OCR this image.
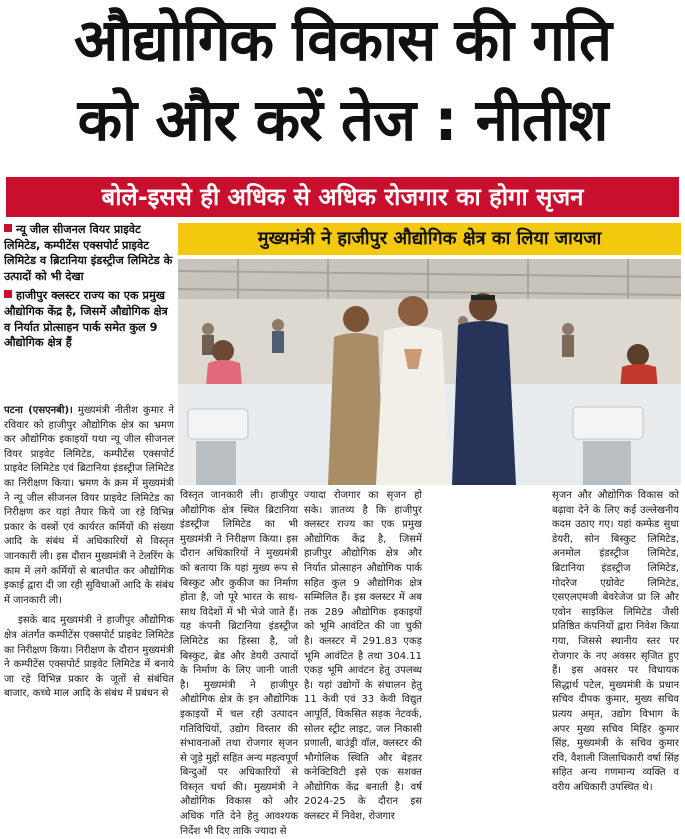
औद्योगिक विकास की गति
को और करें तेज : नीतीश
बोले-इससे ही अधिक से अधिक रोजगार का होगा सृजन
न्यू जील सीजनल वियर प्राइवेट लिमिटेड, कम्पीटेंस एक्सपोर्ट प्राइवेट लिमिटेड व ब्रिटानिया इंडस्ट्रीज लिमिटेड के उत्पादों को भी देखा
हाजीपुर क्लस्टर राज्य का एक प्रमुख औद्योगिक केंद्र है, जिसमें औद्योगिक क्षेत्र व निर्यात प्रोत्साहन पार्क समेत कुल 9 औद्योगिक क्षेत्र हैं

पटना (एसएनबी)। मुख्यमंत्री नीतीश कुमार ने रविवार को हाजीपुर औद्योगिक क्षेत्र का भ्रमण कर औद्योगिक इकाइयों यथा न्यू जील सीजनल वियर प्राइवेट लिमिटेड, कम्पीटेंस एक्सपोर्ट प्राइवेट लिमिटेड एवं ब्रिटानिया इंडस्ट्रीज लिमिटेड का निरीक्षण किया। भ्रमण के क्रम में मुख्यमंत्री ने न्यू जील सीजनल वियर प्राइवेट लिमिटेड का निरीक्षण कर यहां तैयार किये जा रहे विभिन्न प्रकार के वस्त्रों एवं कार्यरत कर्मियों की संख्या आदि के संबंध में अधिकारियों से विस्तृत जानकारी ली। इस दौरान मुख्यमंत्री ने टेलरिंग के काम में लगे कर्मियों से बातचीत कर औद्योगिक इकाई द्वारा दी जा रही सुविधाओं आदि के संबंध में जानकारी ली।

इसके बाद मुख्यमंत्री ने हाजीपुर औद्योगिक क्षेत्र अंतर्गत कम्पीटेंस एक्सपोर्ट प्राइवेट लिमिटेड का निरीक्षण किया। निरीक्षण के दौरान मुख्यमंत्री ने कम्पीटेंस एक्सपोर्ट प्राइवेट लिमिटेड में बनाये जा रहे विभिन्न प्रकार के जूतों से संबंधित बाजार, कच्चे माल आदि के संबंध में प्रबंधन से

मुख्यमंत्री ने हाजीपुर औद्योगिक क्षेत्र का लिया जायजा

विस्तृत जानकारी ली। हाजीपुर औद्योगिक क्षेत्र स्थित ब्रिटानिया इंडस्ट्रीज लिमिटेड का भी मुख्यमंत्री ने निरीक्षण किया। इस दौरान अधिकारियों ने मुख्यमंत्री को बताया कि यहां मुख्य रूप से बिस्कुट और कुकीज का निर्माण होता है, जो पूरे भारत के साथ-साथ विदेशों में भी भेजे जाते हैं। यह कंपनी ब्रिटानिया इंडस्ट्रीज लिमिटेड का हिस्सा है, जो बिस्कुट, ब्रेड और डेयरी उत्पादों के निर्माण के लिए जानी जाती है। मुख्यमंत्री ने हाजीपुर औद्योगिक क्षेत्र के इन औद्योगिक इकाइयों में चल रही उत्पादन गतिविधियों, उद्योग विस्तार की संभावनाओं तथा रोजगार सृजन से जुड़े मुद्दों सहित अन्य महत्वपूर्ण बिन्दुओं पर अधिकारियों से विस्तृत चर्चा की। मुख्यमंत्री ने औद्योगिक विकास को और अधिक गति देने हेतु आवश्यक निर्देश भी दिए ताकि ज्यादा से

ज्यादा रोजगार का सृजन हो सके। ज्ञातव्य है कि हाजीपुर क्लस्टर राज्य का एक प्रमुख औद्योगिक केंद्र है, जिसमें हाजीपुर औद्योगिक क्षेत्र और निर्यात प्रोत्साहन औद्योगिक पार्क सहित कुल 9 औद्योगिक क्षेत्र सम्मिलित हैं। इस क्लस्टर में अब तक 289 औद्योगिक इकाइयों को भूमि आवंटित की जा चुकी है। क्लस्टर में 291.83 एकड़ भूमि आवंटित है तथा 304.11 एकड़ भूमि आवंटन हेतु उपलब्ध है। यहां उद्योगों के संचालन हेतु 11 केवी एवं 33 केवी विद्युत आपूर्ति, विकसित सड़क नेटवर्क, सोलर स्ट्रीट लाइट, जल निकासी प्रणाली, बाउंड्री वॉल, क्लस्टर की भौगोलिक स्थिति और बेहतर कनेक्टिविटी इसे एक सशक्त औद्योगिक केंद्र बनाती है। वर्ष 2024-25 के दौरान इस क्लस्टर में निवेश, रोजगार

सृजन और औद्योगिक विकास को बढ़ावा देने के लिए कई उल्लेखनीय कदम उठाए गए। यहां कम्फेड सुधा डेयरी, सोन बिस्कुट लिमिटेड, अनमोल इंडस्ट्रीज लिमिटेड, ब्रिटानिया इंडस्ट्रीज लिमिटेड, गोदरेज एग्रोवेट लिमिटेड, एसएलएमजी बेवरेजेज प्रा लि और एवोन साइकिल लिमिटेड जैसी प्रतिष्ठित कंपनियों द्वारा निवेश किया गया, जिससे स्थानीय स्तर पर रोजगार के नए अवसर सृजित हुए हैं। इस अवसर पर विधायक सिद्धार्थ पटेल, मुख्यमंत्री के प्रधान सचिव दीपक कुमार, मुख्य सचिव प्रत्यय अमृत, उद्योग विभाग के अपर मुख्य सचिव मिहिर कुमार सिंह, मुख्यमंत्री के सचिव कुमार रवि, वैशाली जिलाधिकारी वर्षा सिंह सहित अन्य गणमान्य व्यक्ति व वरीय अधिकारी उपस्थित थे।
